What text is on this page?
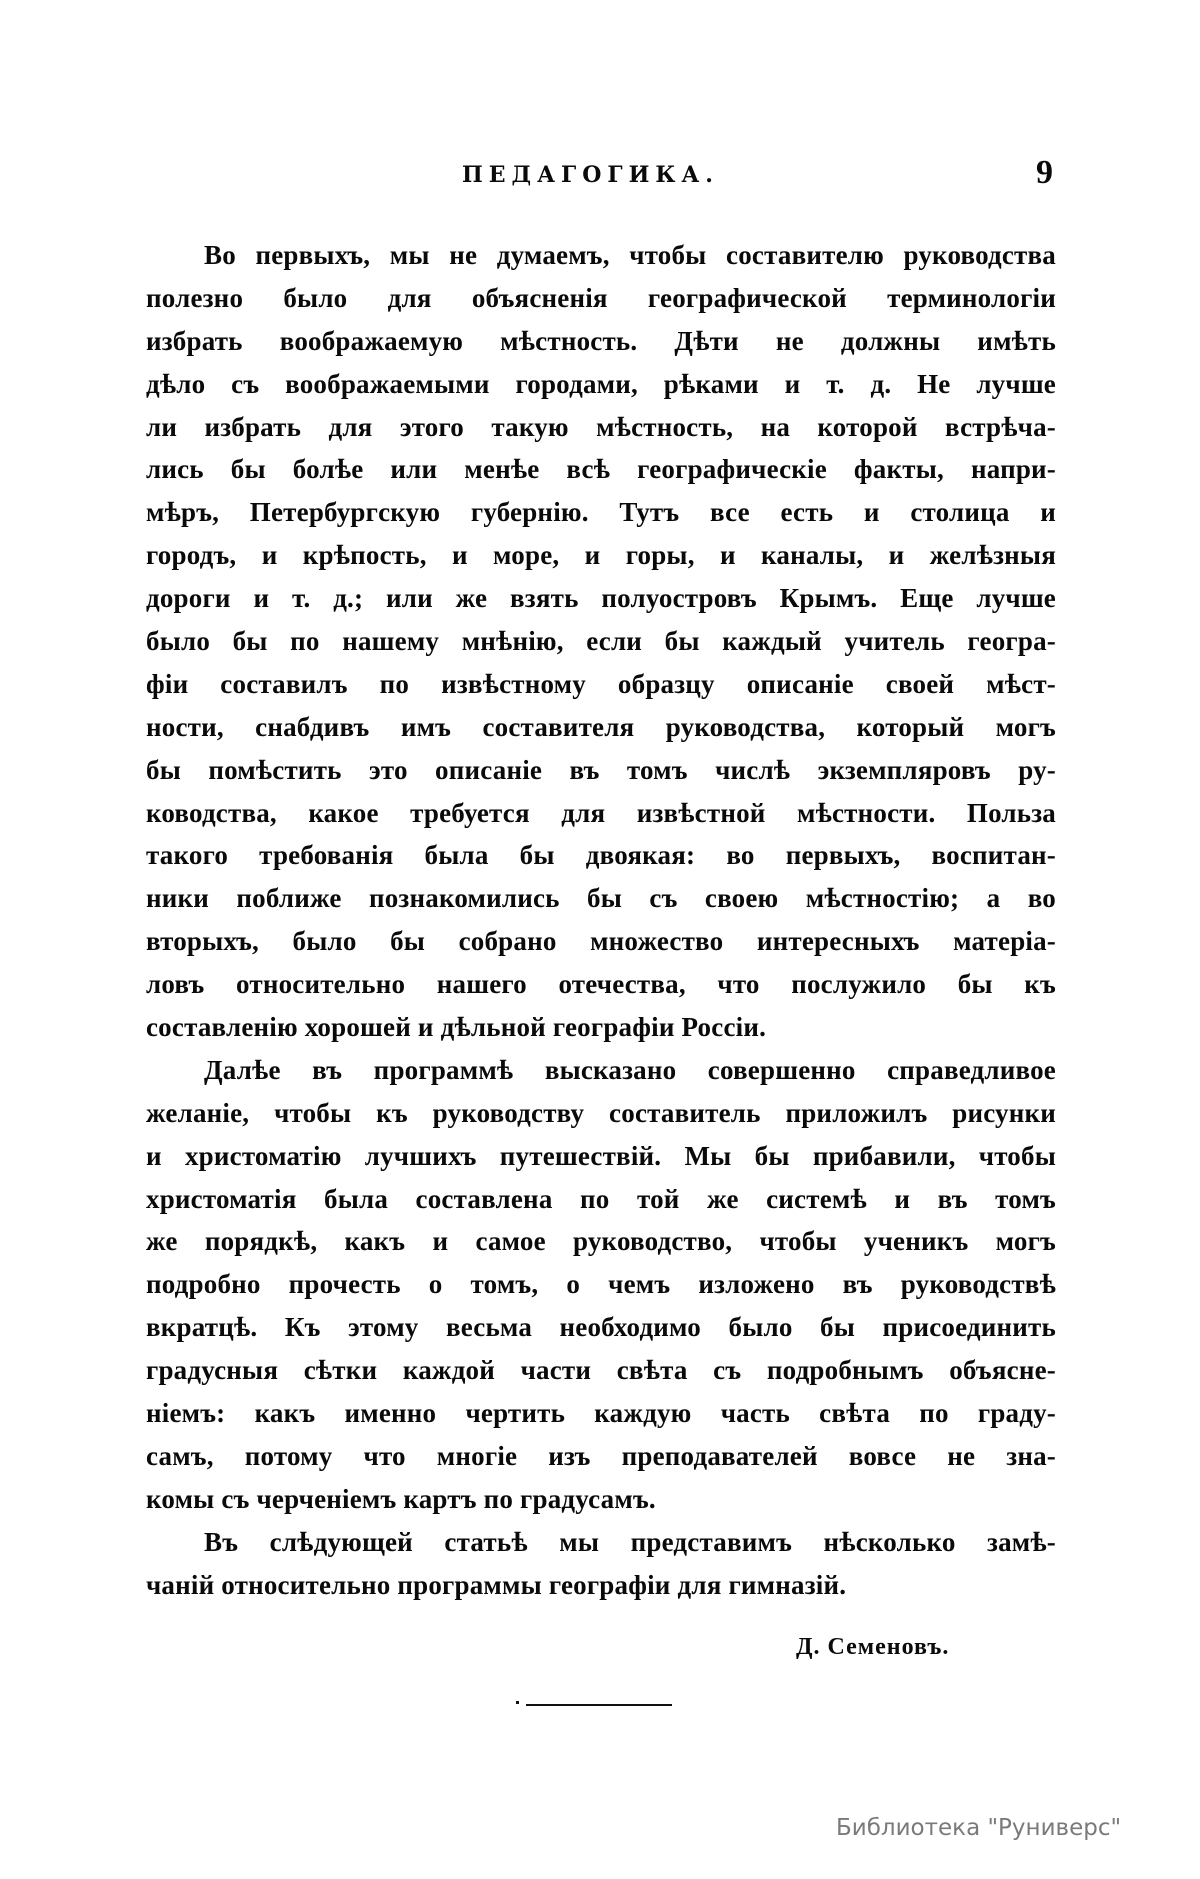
ПЕДАГОГИКА.	9
Во первыхъ, мы не думаемъ, чтобы составителю руководства
полезно было для объясненія географической терминологіи
избрать воображаемую мѣстность. Дѣти не должны имѣть
дѣло съ воображаемыми городами, рѣками и т. д. Не лучше
ли избрать для этого такую мѣстность, на которой встрѣча-
лись бы болѣе или менѣе всѣ географическіе факты, напри-
мѣръ, Петербургскую губернію. Тутъ все есть и столица и
городъ, и крѣпость, и море, и горы, и каналы, и желѣзныя
дороги и т. д.; или же взять полуостровъ Крымъ. Еще лучше
было бы по нашему мнѣнію, если бы каждый учитель геогра-
фіи составилъ по извѣстному образцу описаніе своей мѣст-
ности, снабдивъ имъ составителя руководства, который могъ
бы помѣстить это описаніе въ томъ числѣ экземпляровъ ру-
ководства, какое требуется для извѣстной мѣстности. Польза
такого требованія была бы двоякая: во первыхъ, воспитан-
ники поближе познакомились бы съ своею мѣстностію; а во
вторыхъ, было бы собрано множество интересныхъ матеріа-
ловъ относительно нашего отечества, что послужило бы къ
составленію хорошей и дѣльной географіи Россіи.
Далѣе въ программѣ высказано совершенно справедливое
желаніе, чтобы къ руководству составитель приложилъ рисунки
и христоматію лучшихъ путешествій. Мы бы прибавили, чтобы
христоматія была составлена по той же системѣ и въ томъ
же порядкѣ, какъ и самое руководство, чтобы ученикъ могъ
подробно прочесть о томъ, о чемъ изложено въ руководствѣ
вкратцѣ. Къ этому весьма необходимо было бы присоединить
градусныя сѣтки каждой части свѣта съ подробнымъ объясне-
ніемъ: какъ именно чертить каждую часть свѣта по граду-
самъ, потому что многіе изъ преподавателей вовсе не зна-
комы съ черченіемъ картъ по градусамъ.
Въ слѣдующей статьѣ мы представимъ нѣсколько замѣ-
чаній относительно программы географіи для гимназій.
Д. Семеновъ.
Библиотека "Руниверс"
